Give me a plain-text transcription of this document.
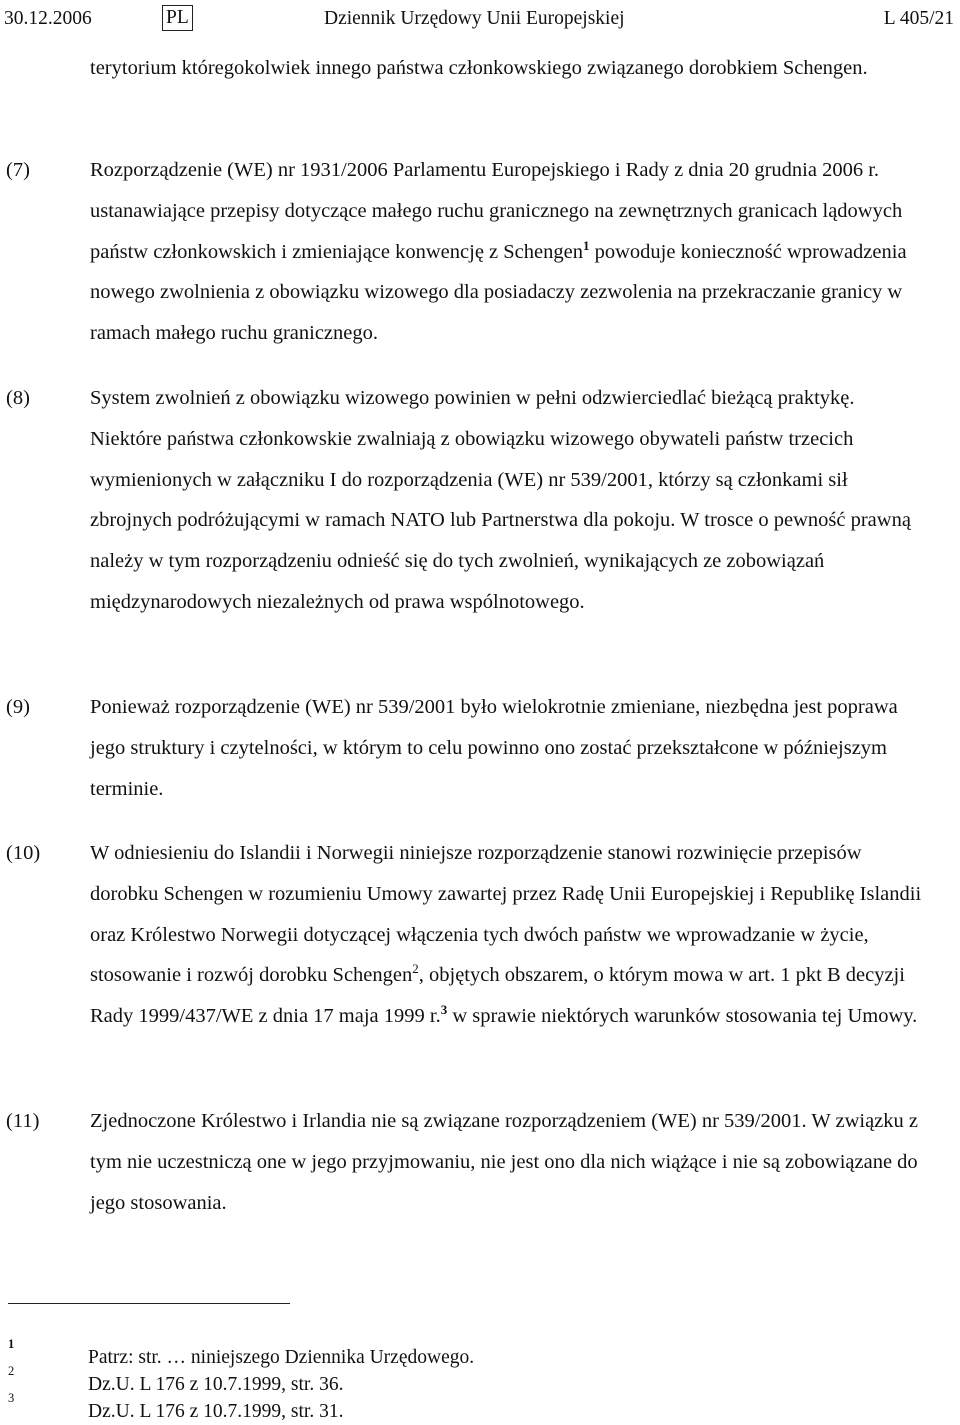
30.12.2006	PL	Dziennik Urzędowy Unii Europejskiej	L 405/21
terytorium któregokolwiek innego państwa członkowskiego związanego dorobkiem Schengen.
(7)	Rozporządzenie (WE) nr 1931/2006 Parlamentu Europejskiego i Rady z dnia 20 grudnia 2006 r. ustanawiające przepisy dotyczące małego ruchu granicznego na zewnętrznych granicach lądowych państw członkowskich i zmieniające konwencję z Schengen$^1$ powoduje konieczność wprowadzenia nowego zwolnienia z obowiązku wizowego dla posiadaczy zezwolenia na przekraczanie granicy w ramach małego ruchu granicznego.
(8)	System zwolnień z obowiązku wizowego powinien w pełni odzwierciedlać bieżącą praktykę. Niektóre państwa członkowskie zwalniają z obowiązku wizowego obywateli państw trzecich wymienionych w załączniku I do rozporządzenia (WE) nr 539/2001, którzy są członkami sił zbrojnych podróżującymi w ramach NATO lub Partnerstwa dla pokoju. W trosce o pewność prawną należy w tym rozporządzeniu odnieść się do tych zwolnień, wynikających ze zobowiązań międzynarodowych niezależnych od prawa wspólnotowego.
(9)	Ponieważ rozporządzenie (WE) nr 539/2001 było wielokrotnie zmieniane, niezbędna jest poprawa jego struktury i czytelności, w którym to celu powinno ono zostać przekształcone w późniejszym terminie.
(10) W odniesieniu do Islandii i Norwegii niniejsze rozporządzenie stanowi rozwinięcie przepisów dorobku Schengen w rozumieniu Umowy zawartej przez Radę Unii Europejskiej i Republikę Islandii oraz Królestwo Norwegii dotyczącej włączenia tych dwóch państw we wprowadzanie w życie, stosowanie i rozwój dorobku Schengen$^2$, objętych obszarem, o którym mowa w art. 1 pkt B decyzji Rady 1999/437/WE z dnia 17 maja 1999 r.$^3$ w sprawie niektórych warunków stosowania tej Umowy.
(11) Zjednoczone Królestwo i Irlandia nie są związane rozporządzeniem (WE) nr 539/2001. W związku z tym nie uczestniczą one w jego przyjmowaniu, nie jest ono dla nich wiążące i nie są zobowiązane do jego stosowania.
1
Patrz: str. … niniejszego Dziennika Urzędowego.
2
Dz.U. L 176 z 10.7.1999, str. 36.
3
Dz.U. L 176 z 10.7.1999, str. 31.
